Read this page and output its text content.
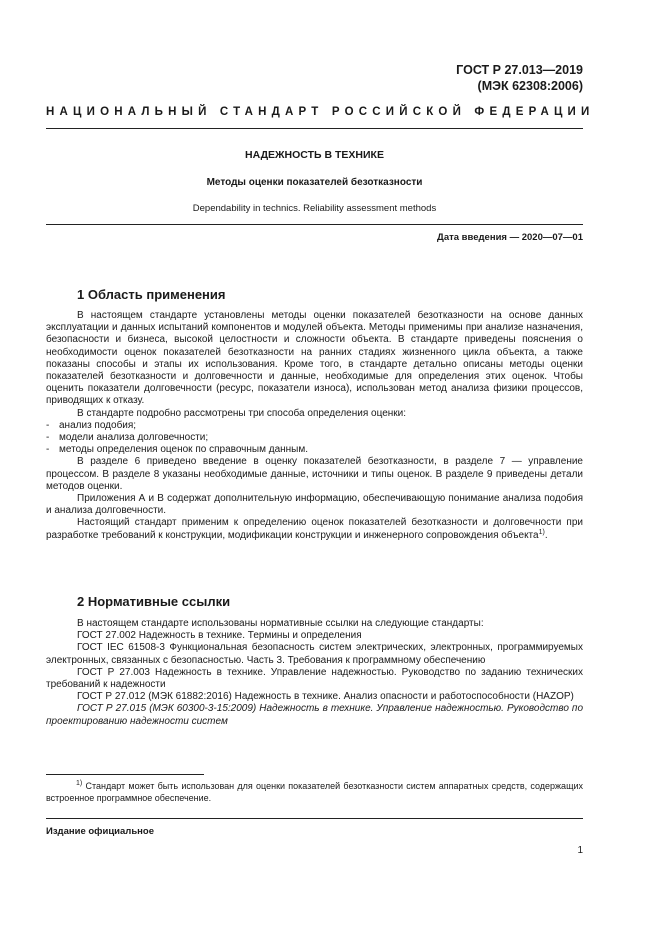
ГОСТ Р 27.013—2019
(МЭК 62308:2006)
НАЦИОНАЛЬНЫЙ СТАНДАРТ РОССИЙСКОЙ ФЕДЕРАЦИИ
НАДЕЖНОСТЬ В ТЕХНИКЕ
Методы оценки показателей безотказности
Dependability in technics. Reliability assessment methods
Дата введения — 2020—07—01
1 Область применения

В настоящем стандарте установлены методы оценки показателей безотказности на основе данных эксплуатации и данных испытаний компонентов и модулей объекта. Методы применимы при анализе назначения, безопасности и бизнеса, высокой целостности и сложности объекта. В стандарте приведены пояснения о необходимости оценок показателей безотказности на ранних стадиях жизненного цикла объекта, а также показаны способы и этапы их использования. Кроме того, в стандарте детально описаны методы оценки показателей безотказности и долговечности и данные, необходимые для определения этих оценок. Чтобы оценить показатели долговечности (ресурс, показатели износа), использован метод анализа физики процессов, приводящих к отказу.

В стандарте подробно рассмотрены три способа определения оценки:

- анализ подобия;

- модели анализа долговечности;

- методы определения оценок по справочным данным.

В разделе 6 приведено введение в оценку показателей безотказности, в разделе 7 — управление процессом. В разделе 8 указаны необходимые данные, источники и типы оценок. В разделе 9 приведены детали методов оценки.

Приложения А и В содержат дополнительную информацию, обеспечивающую понимание анализа подобия и анализа долговечности.

Настоящий стандарт применим к определению оценок показателей безотказности и долговечности при разработке требований к конструкции, модификации конструкции и инженерного сопровождения объекта$^{1)}$.

2 Нормативные ссылки

В настоящем стандарте использованы нормативные ссылки на следующие стандарты:

ГОСТ 27.002 Надежность в технике. Термины и определения

ГОСТ IEC 61508-3 Функциональная безопасность систем электрических, электронных, программируемых электронных, связанных с безопасностью. Часть 3. Требования к программному обеспечению

ГОСТ Р 27.003 Надежность в технике. Управление надежностью. Руководство по заданию технических требований к надежности

ГОСТ Р 27.012 (МЭК 61882:2016) Надежность в технике. Анализ опасности и работоспособности (HAZOP)

ГОСТ Р 27.015 (МЭК 60300-3-15:2009) Надежность в технике. Управление надежностью. Руководство по проектированию надежности систем

$^{1)}$ Стандарт может быть использован для оценки показателей безотказности систем аппаратных средств, содержащих встроенное программное обеспечение.
Издание официальное
1
